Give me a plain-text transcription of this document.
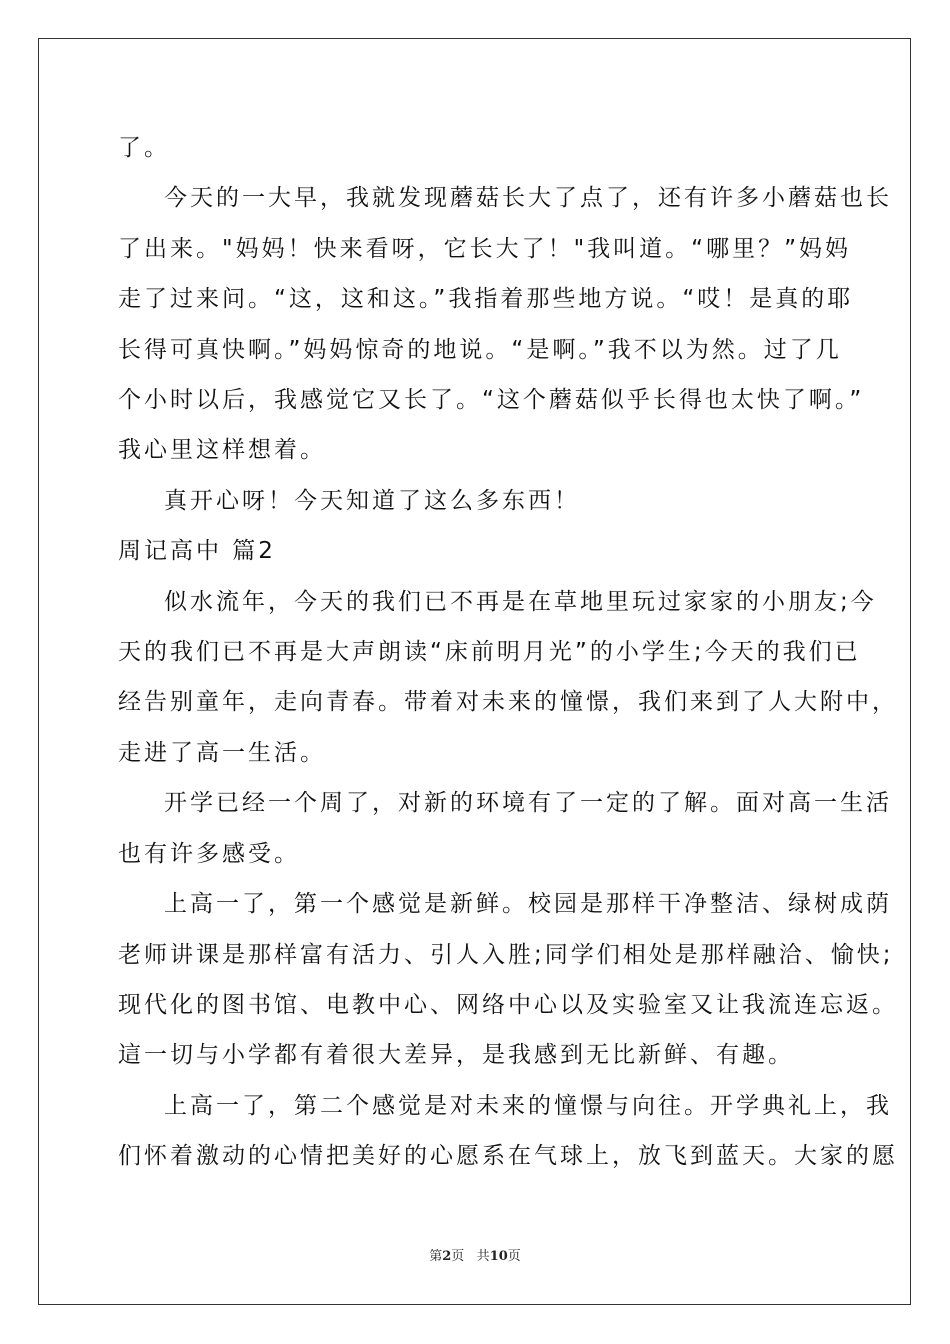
了。

今天的一大早，我就发现蘑菇长大了点了，还有许多小蘑菇也长

了出来。"妈妈！快来看呀，它长大了！"我叫道。“哪里？”妈妈

走了过来问。“这，这和这。”我指着那些地方说。“哎！是真的耶

长得可真快啊。”妈妈惊奇的地说。“是啊。”我不以为然。过了几

个小时以后，我感觉它又长了。“这个蘑菇似乎长得也太快了啊。”

我心里这样想着。

真开心呀！今天知道了这么多东西！

周记高中 篇2

似水流年，今天的我们已不再是在草地里玩过家家的小朋友;今

天的我们已不再是大声朗读“床前明月光”的小学生;今天的我们已

经告别童年，走向青春。带着对未来的憧憬，我们来到了人大附中，

走进了高一生活。

开学已经一个周了，对新的环境有了一定的了解。面对高一生活

也有许多感受。

上高一了，第一个感觉是新鲜。校园是那样干净整洁、绿树成荫

老师讲课是那样富有活力、引人入胜;同学们相处是那样融洽、愉快;

现代化的图书馆、电教中心、网络中心以及实验室又让我流连忘返。

這一切与小学都有着很大差异，是我感到无比新鲜、有趣。

上高一了，第二个感觉是对未来的憧憬与向往。开学典礼上，我

们怀着激动的心情把美好的心愿系在气球上，放飞到蓝天。大家的愿

第2页 共10页
